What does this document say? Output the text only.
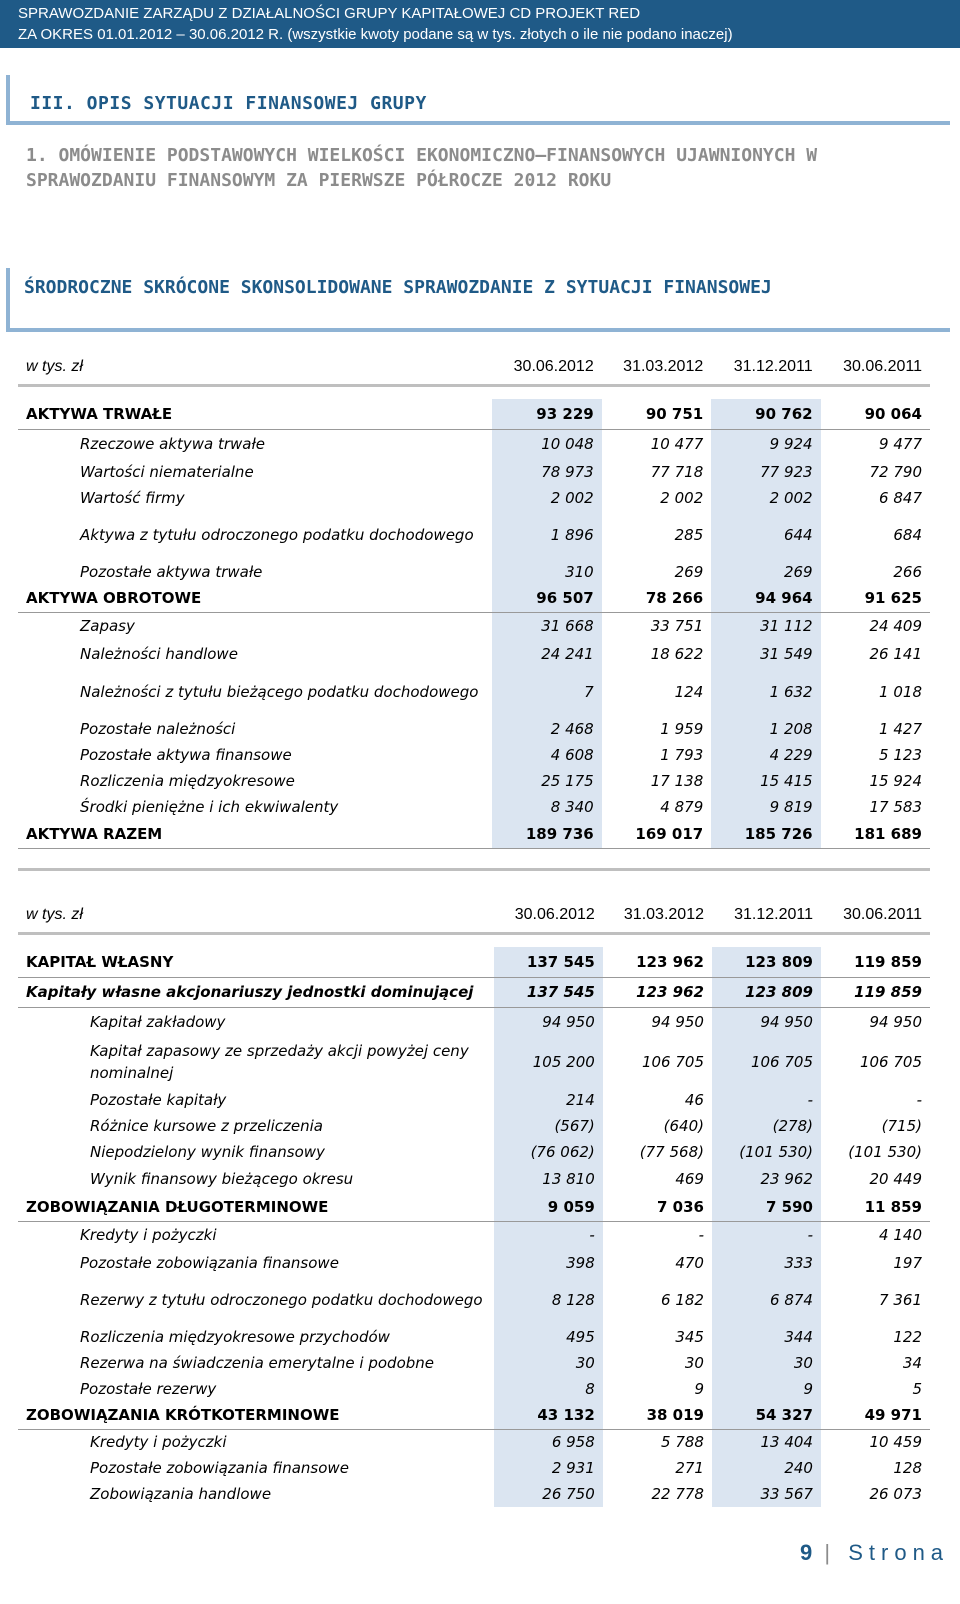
SPRAWOZDANIE ZARZĄDU Z DZIAŁALNOŚCI GRUPY KAPITAŁOWEJ CD PROJEKT RED
ZA OKRES 01.01.2012 – 30.06.2012 R. (wszystkie kwoty podane są w tys. złotych o ile nie podano inaczej)
III. OPIS SYTUACJI FINANSOWEJ GRUPY
1. OMÓWIENIE PODSTAWOWYCH WIELKOŚCI EKONOMICZNO–FINANSOWYCH UJAWNIONYCH W SPRAWOZDANIU FINANSOWYM ZA PIERWSZE PÓŁROCZE 2012 ROKU
ŚRODROCZNE SKRÓCONE SKONSOLIDOWANE SPRAWOZDANIE Z SYTUACJI FINANSOWEJ
w tys. zł	30.06.2012	31.03.2012	31.12.2011	30.06.2011

AKTYWA TRWAŁE	93 229	90 751	90 762	90 064
Rzeczowe aktywa trwałe	10 048	10 477	9 924	9 477
Wartości niematerialne	78 973	77 718	77 923	72 790
Wartość firmy	2 002	2 002	2 002	6 847
Aktywa z tytułu odroczonego podatku dochodowego	1 896	285	644	684
Pozostałe aktywa trwałe	310	269	269	266
AKTYWA OBROTOWE	96 507	78 266	94 964	91 625
Zapasy	31 668	33 751	31 112	24 409
Należności handlowe	24 241	18 622	31 549	26 141
Należności z tytułu bieżącego podatku dochodowego	7	124	1 632	1 018
Pozostałe należności	2 468	1 959	1 208	1 427
Pozostałe aktywa finansowe	4 608	1 793	4 229	5 123
Rozliczenia międzyokresowe	25 175	17 138	15 415	15 924
Środki pieniężne i ich ekwiwalenty	8 340	4 879	9 819	17 583
AKTYWA RAZEM	189 736	169 017	185 726	181 689
w tys. zł	30.06.2012	31.03.2012	31.12.2011	30.06.2011

KAPITAŁ WŁASNY	137 545	123 962	123 809	119 859
Kapitały własne akcjonariuszy jednostki dominującej	137 545	123 962	123 809	119 859
Kapitał zakładowy	94 950	94 950	94 950	94 950
Kapitał zapasowy ze sprzedaży akcji powyżej ceny nominalnej	105 200	106 705	106 705	106 705
Pozostałe kapitały	214	46	-	-
Różnice kursowe z przeliczenia	(567)	(640)	(278)	(715)
Niepodzielony wynik finansowy	(76 062)	(77 568)	(101 530)	(101 530)
Wynik finansowy bieżącego okresu	13 810	469	23 962	20 449
ZOBOWIĄZANIA DŁUGOTERMINOWE	9 059	7 036	7 590	11 859
Kredyty i pożyczki	-	-	-	4 140
Pozostałe zobowiązania finansowe	398	470	333	197
Rezerwy z tytułu odroczonego podatku dochodowego	8 128	6 182	6 874	7 361
Rozliczenia międzyokresowe przychodów	495	345	344	122
Rezerwa na świadczenia emerytalne i podobne	30	30	30	34
Pozostałe rezerwy	8	9	9	5
ZOBOWIĄZANIA KRÓTKOTERMINOWE	43 132	38 019	54 327	49 971
Kredyty i pożyczki	6 958	5 788	13 404	10 459
Pozostałe zobowiązania finansowe	2 931	271	240	128
Zobowiązania handlowe	26 750	22 778	33 567	26 073
9 | Strona
